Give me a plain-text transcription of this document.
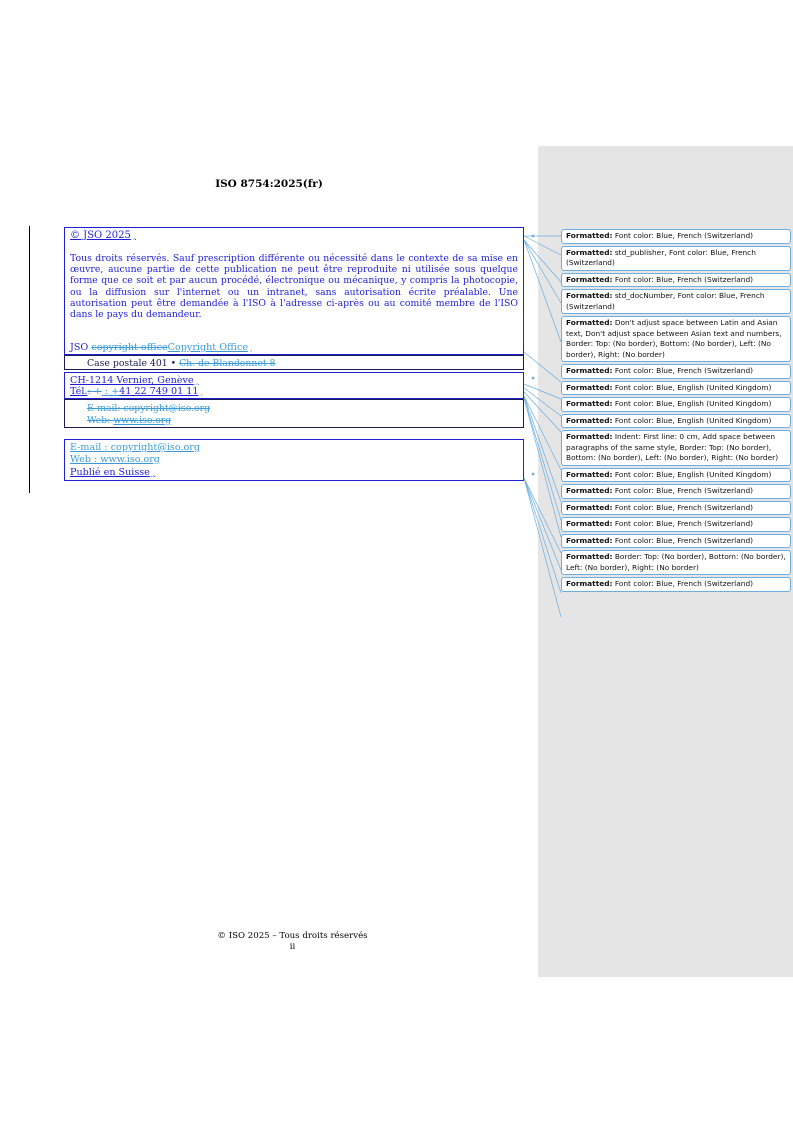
ISO 8754:2025(fr)
© JSO 2025¸
Tous droits réservés. Sauf prescription différente ou nécessité dans le contexte de sa mise en œuvre, aucune partie de cette publication ne peut être reproduite ni utilisée sous quelque forme que ce soit et par aucun procédé, électronique ou mécanique, y compris la photocopie, ou la diffusion sur l'internet ou un intranet, sans autorisation écrite préalable. Une autorisation peut être demandée à l'ISO à l'adresse ci-après ou au comité membre de l'ISO dans le pays du demandeur.
JSO copyright officeCopyright Office¸
Case postale 401 • Ch. de Blandonnet 8
CH-1214 Vernier, Genève¸
Tél.: + : +41 22 749 01 11¸
E-mail: copyright@iso.org
Web: www.iso.org
E-mail : copyright@iso.org
Web : www.iso.org
Publié en Suisse¸
Formatted: Font color: Blue, French (Switzerland)
Formatted: std_publisher, Font color: Blue, French (Switzerland)
Formatted: Font color: Blue, French (Switzerland)
Formatted: std_docNumber, Font color: Blue, French (Switzerland)
Formatted: Don't adjust space between Latin and Asian text, Don't adjust space between Asian text and numbers, Border: Top: (No border), Bottom: (No border), Left: (No border), Right: (No border)
Formatted: Font color: Blue, French (Switzerland)
Formatted: Font color: Blue, English (United Kingdom)
Formatted: Font color: Blue, English (United Kingdom)
Formatted: Font color: Blue, English (United Kingdom)
Formatted: Indent: First line: 0 cm, Add space between paragraphs of the same style, Border: Top: (No border), Bottom: (No border), Left: (No border), Right: (No border)
Formatted: Font color: Blue, English (United Kingdom)
Formatted: Font color: Blue, French (Switzerland)
Formatted: Font color: Blue, French (Switzerland)
Formatted: Font color: Blue, French (Switzerland)
Formatted: Font color: Blue, French (Switzerland)
Formatted: Border: Top: (No border), Bottom: (No border), Left: (No border), Right: (No border)
Formatted: Font color: Blue, French (Switzerland)
© ISO 2025 – Tous droits réservés
ii
